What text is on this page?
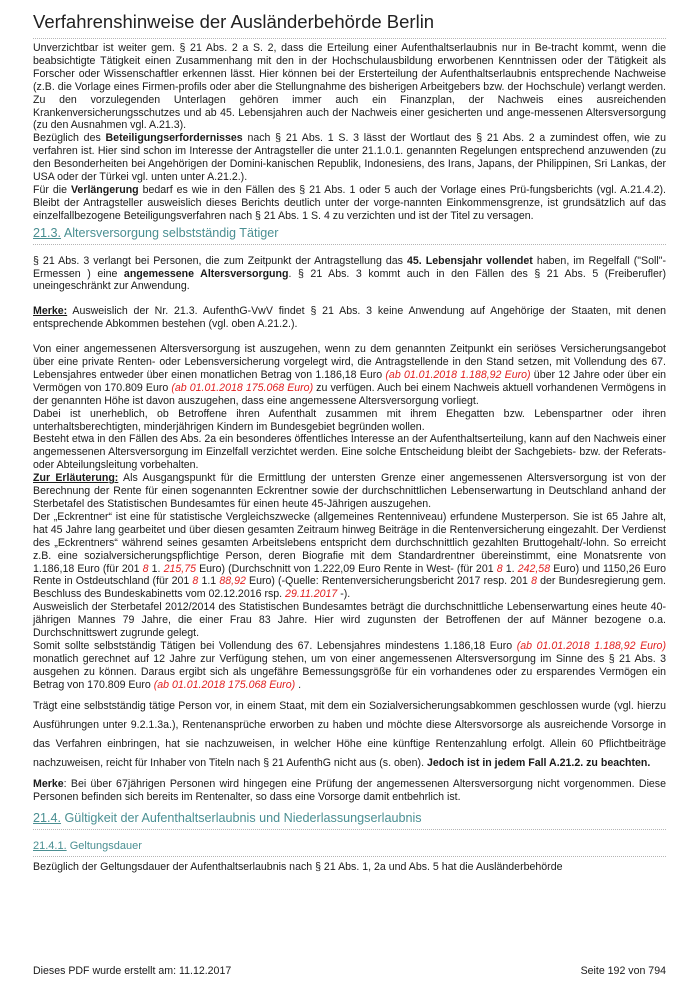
Verfahrenshinweise der Ausländerbehörde Berlin

Unverzichtbar ist weiter gem. § 21 Abs. 2 a S. 2, dass die Erteilung einer Aufenthaltserlaubnis nur in Be-tracht kommt, wenn die beabsichtigte Tätigkeit einen Zusammenhang mit den in der Hochschulausbildung erworbenen Kenntnissen oder der Tätigkeit als Forscher oder Wissenschaftler erkennen lässt. Hier können bei der Ersterteilung der Aufenthaltserlaubnis entsprechende Nachweise (z.B. die Vorlage eines Firmen-profils oder aber die Stellungnahme des bisherigen Arbeitgebers bzw. der Hochschule) verlangt werden. Zu den vorzulegenden Unterlagen gehören immer auch ein Finanzplan, der Nachweis eines ausreichenden Krankenversicherungsschutzes und ab 45. Lebensjahren auch der Nachweis einer gesicherten und ange-messenen Altersversorgung (zu den Ausnahmen vgl. A.21.3).

Bezüglich des Beteiligungserfordernisses nach § 21 Abs. 1 S. 3 lässt der Wortlaut des § 21 Abs. 2 a zumindest offen, wie zu verfahren ist. Hier sind schon im Interesse der Antragsteller die unter 21.1.0.1. genannten Regelungen entsprechend anzuwenden (zu den Besonderheiten bei Angehörigen der Domini-kanischen Republik, Indonesiens, des Irans, Japans, der Philippinen, Sri Lankas, der USA oder der Türkei vgl. unten unter A.21.2.).

Für die Verlängerung bedarf es wie in den Fällen des § 21 Abs. 1 oder 5 auch der Vorlage eines Prü-fungsberichts (vgl. A.21.4.2). Bleibt der Antragsteller ausweislich dieses Berichts deutlich unter der vorge-nannten Einkommensgrenze, ist grundsätzlich auf das einzelfallbezogene Beteiligungsverfahren nach § 21 Abs. 1 S. 4 zu verzichten und ist der Titel zu versagen.

21.3. Altersversorgung selbstständig Tätiger

§ 21 Abs. 3 verlangt bei Personen, die zum Zeitpunkt der Antragstellung das 45. Lebensjahr vollendet haben, im Regelfall ("Soll"-Ermessen ) eine angemessene Altersversorgung. § 21 Abs. 3 kommt auch in den Fällen des § 21 Abs. 5 (Freiberufler) uneingeschränkt zur Anwendung.

Merke: Ausweislich der Nr. 21.3. AufenthG-VwV findet § 21 Abs. 3 keine Anwendung auf Angehörige der Staaten, mit denen entsprechende Abkommen bestehen (vgl. oben A.21.2.).

Von einer angemessenen Altersversorgung ist auszugehen, wenn zu dem genannten Zeitpunkt ein seriöses Versicherungsangebot über eine private Renten- oder Lebensversicherung vorgelegt wird, die Antragstellende in den Stand setzen, mit Vollendung des 67. Lebensjahres entweder über einen monatlichen Betrag von 1.186,18 Euro (ab 01.01.2018 1.188,92 Euro) über 12 Jahre oder über ein Vermögen von 170.809 Euro (ab 01.01.2018 175.068 Euro) zu verfügen. Auch bei einem Nachweis aktuell vorhandenen Vermögens in der genannten Höhe ist davon auszugehen, dass eine angemessene Altersversorgung vorliegt.

Dabei ist unerheblich, ob Betroffene ihren Aufenthalt zusammen mit ihrem Ehegatten bzw. Lebenspartner oder ihren unterhaltsberechtigten, minderjährigen Kindern im Bundesgebiet begründen wollen.

Besteht etwa in den Fällen des Abs. 2a ein besonderes öffentliches Interesse an der Aufenthaltserteilung, kann auf den Nachweis einer angemessenen Altersversorgung im Einzelfall verzichtet werden. Eine solche Entscheidung bleibt der Sachgebiets- bzw. der Referats- oder Abteilungsleitung vorbehalten.

Zur Erläuterung: Als Ausgangspunkt für die Ermittlung der untersten Grenze einer angemessenen Altersversorgung ist von der Berechnung der Rente für einen sogenannten Eckrentner sowie der durchschnittlichen Lebenserwartung in Deutschland anhand der Sterbetafel des Statistischen Bundesamtes für einen heute 45-Jährigen auszugehen.

Der „Eckrentner“ ist eine für statistische Vergleichszwecke (allgemeines Rentenniveau) erfundene Musterperson. Sie ist 65 Jahre alt, hat 45 Jahre lang gearbeitet und über diesen gesamten Zeitraum hinweg Beiträge in die Rentenversicherung eingezahlt. Der Verdienst des „Eckrentners“ während seines gesamten Arbeitslebens entspricht dem durchschnittlich gezahlten Bruttogehalt/-lohn. So erreicht z.B. eine sozialversicherungspflichtige Person, deren Biografie mit dem Standardrentner übereinstimmt, eine Monatsrente von 1.186,18 Euro (für 201 8 1. 215,75 Euro) (Durchschnitt von 1.222,09 Euro Rente in West- (für 201 8 1. 242,58 Euro) und 1150,26 Euro Rente in Ostdeutschland (für 201 8 1.1 88,92 Euro) (-Quelle: Rentenversicherungsbericht 2017 resp. 201 8 der Bundesregierung gem. Beschluss des Bundeskabinetts vom 02.12.2016 rsp. 29.11.2017 -).

Ausweislich der Sterbetafel 2012/2014 des Statistischen Bundesamtes beträgt die durchschnittliche Lebenserwartung eines heute 40-jährigen Mannes 79 Jahre, die einer Frau 83 Jahre. Hier wird zugunsten der Betroffenen der auf Männer bezogene o.a. Durchschnittswert zugrunde gelegt.

Somit sollte selbstständig Tätigen bei Vollendung des 67. Lebensjahres mindestens 1.186,18 Euro (ab 01.01.2018 1.188,92 Euro) monatlich gerechnet auf 12 Jahre zur Verfügung stehen, um von einer angemessenen Altersversorgung im Sinne des § 21 Abs. 3 ausgehen zu können. Daraus ergibt sich als ungefähre Bemessungsgröße für ein vorhandenes oder zu ersparendes Vermögen ein Betrag von 170.809 Euro (ab 01.01.2018 175.068 Euro) .

Trägt eine selbstständig tätige Person vor, in einem Staat, mit dem ein Sozialversicherungsabkommen geschlossen wurde (vgl. hierzu Ausführungen unter 9.2.1.3a.), Rentenansprüche erworben zu haben und möchte diese Altersvorsorge als ausreichende Vorsorge in das Verfahren einbringen, hat sie nachzuweisen, in welcher Höhe eine künftige Rentenzahlung erfolgt. Allein 60 Pflichtbeiträge nachzuweisen, reicht für Inhaber von Titeln nach § 21 AufenthG nicht aus (s. oben). Jedoch ist in jedem Fall A.21.2. zu beachten.

Merke: Bei über 67jährigen Personen wird hingegen eine Prüfung der angemessenen Altersversorgung nicht vorgenommen. Diese Personen befinden sich bereits im Rentenalter, so dass eine Vorsorge damit entbehrlich ist.

21.4. Gültigkeit der Aufenthaltserlaubnis und Niederlassungserlaubnis
21.4.1. Geltungsdauer

Bezüglich der Geltungsdauer der Aufenthaltserlaubnis nach § 21 Abs. 1, 2a und Abs. 5 hat die Ausländerbehörde

Dieses PDF wurde erstellt am: 11.12.2017	Seite 192 von 794
